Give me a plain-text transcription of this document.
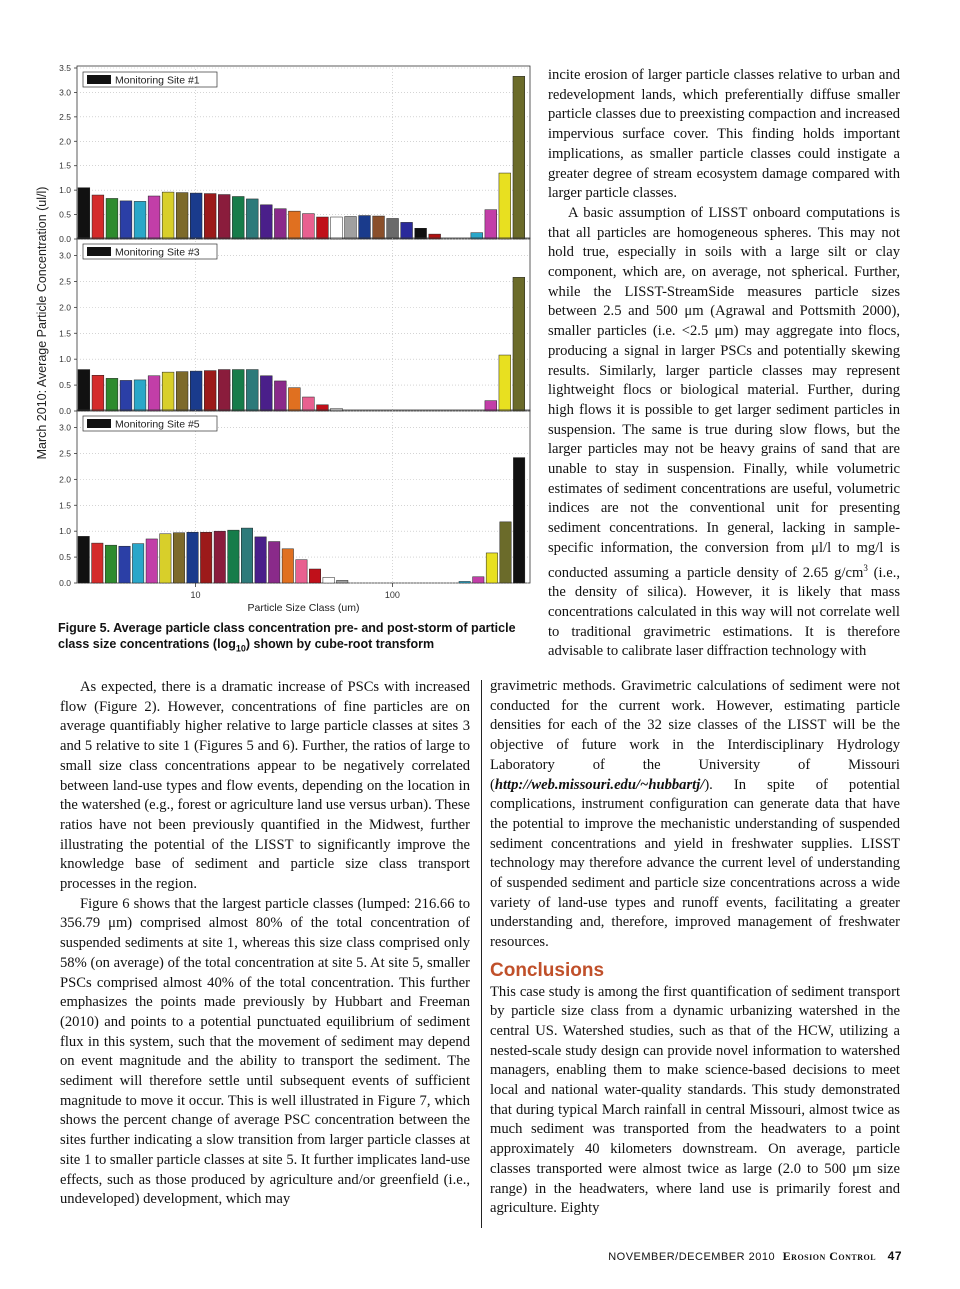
March 2010: Average Particle Concentration (ul/l) 0.0
0.5
1.0
1.5
2.0
2.5
3.0
3.5
Monitoring Site #1
0.0
0.5
1.0
1.5
2.0
2.5
3.0	Monitoring Site #3
0.0
0.5
1.0
1.5
2.0
2.5
3.0	Monitoring Site #5
10	100
Particle Size Class (um)
Figure 5. Average particle class concentration pre- and post-storm of particle class size concentrations $(\log_{10})$ shown by cube-root transform

As expected, there is a dramatic increase of PSCs with increased flow (Figure 2). However, concentrations of fine particles are on average quantifiably higher relative to large particle classes at sites 3 and 5 relative to site 1 (Figures 5 and 6). Further, the ratios of large to small size class concentrations appear to be negatively correlated between land-use types and flow events, depending on the location in the watershed (e.g., forest or agriculture land use versus urban). These ratios have not been previously quantified in the Midwest, further illustrating the potential of the LISST to significantly improve the knowledge base of sediment and particle size class transport processes in the region.

Figure 6 shows that the largest particle classes (lumped: 216.66 to 356.79 μm) comprised almost 80% of the total concentration of suspended sediments at site 1, whereas this size class comprised only 58% (on average) of the total concentration at site 5. At site 5, smaller PSCs comprised almost 40% of the total concentration. This further emphasizes the points made previously by Hubbart and Freeman (2010) and points to a potential punctuated equilibrium of sediment flux in this system, such that the movement of sediment may depend on event magnitude and the ability to transport the sediment. The sediment will therefore settle until subsequent events of sufficient magnitude to move it occur. This is well illustrated in Figure 7, which shows the percent change of average PSC concentration between the sites further indicating a slow transition from larger particle classes at site 1 to smaller particle classes at site 5. It further implicates land-use effects, such as those produced by agriculture and/or greenfield (i.e., undeveloped) development, which may

incite erosion of larger particle classes relative to urban and redevelopment lands, which preferentially diffuse smaller particle classes due to preexisting compaction and increased impervious surface cover. This finding holds important implications, as smaller particle classes could instigate a greater degree of stream ecosystem damage compared with larger particle classes.

A basic assumption of LISST onboard computations is that all particles are homogeneous spheres. This may not hold true, especially in soils with a large silt or clay component, which are, on average, not spherical. Further, while the LISST-StreamSide measures particle sizes between 2.5 and 500 μm (Agrawal and Pottsmith 2000), smaller particles (i.e. <2.5 μm) may aggregate into flocs, producing a signal in larger PSCs and potentially skewing results. Similarly, larger particle classes may represent lightweight flocs or biological material. Further, during high flows it is possible to get larger sediment particles in suspension. The same is true during slow flows, but the larger particles may not be heavy grains of sand that are unable to stay in suspension. Finally, while volumetric estimates of sediment concentrations are useful, volumetric indices are not the conventional unit for presenting sediment concentrations. In general, lacking in sample-specific information, the conversion from μl/l to mg/l is conducted assuming a particle density of 2.65 $g/cm^3$ (i.e., the density of silica). However, it is likely that mass concentrations calculated in this way will not correlate well to traditional gravimetric estimations. It is therefore advisable to calibrate laser diffraction technology with

gravimetric methods. Gravimetric calculations of sediment were not conducted for the current work. However, estimating particle densities for each of the 32 size classes of the LISST will be the objective of future work in the Interdisciplinary Hydrology Laboratory of the University of Missouri (http://web.missouri.edu/~hubbartj/). In spite of potential complications, instrument configuration can generate data that have the potential to improve the mechanistic understanding of suspended sediment concentrations and yield in freshwater supplies. LISST technology may therefore advance the current level of understanding of suspended sediment and particle size concentrations across a wide variety of land-use types and runoff events, facilitating a greater understanding and, therefore, improved management of freshwater resources.

Conclusions

This case study is among the first quantification of sediment transport by particle size class from a dynamic urbanizing watershed in the central US. Watershed studies, such as that of the HCW, utilizing a nested-scale study design can provide novel information to watershed managers, enabling them to make science-based decisions to meet local and national water-quality standards. This study demonstrated that during typical March rainfall in central Missouri, almost twice as much sediment was transported from the headwaters to a point approximately 40 kilometers downstream. On average, particle classes transported were almost twice as large (2.0 to 500 μm size range) in the headwaters, where land use is primarily forest and agriculture. Eighty

NOVEMBER/DECEMBER 2010 Erosion Control 47
